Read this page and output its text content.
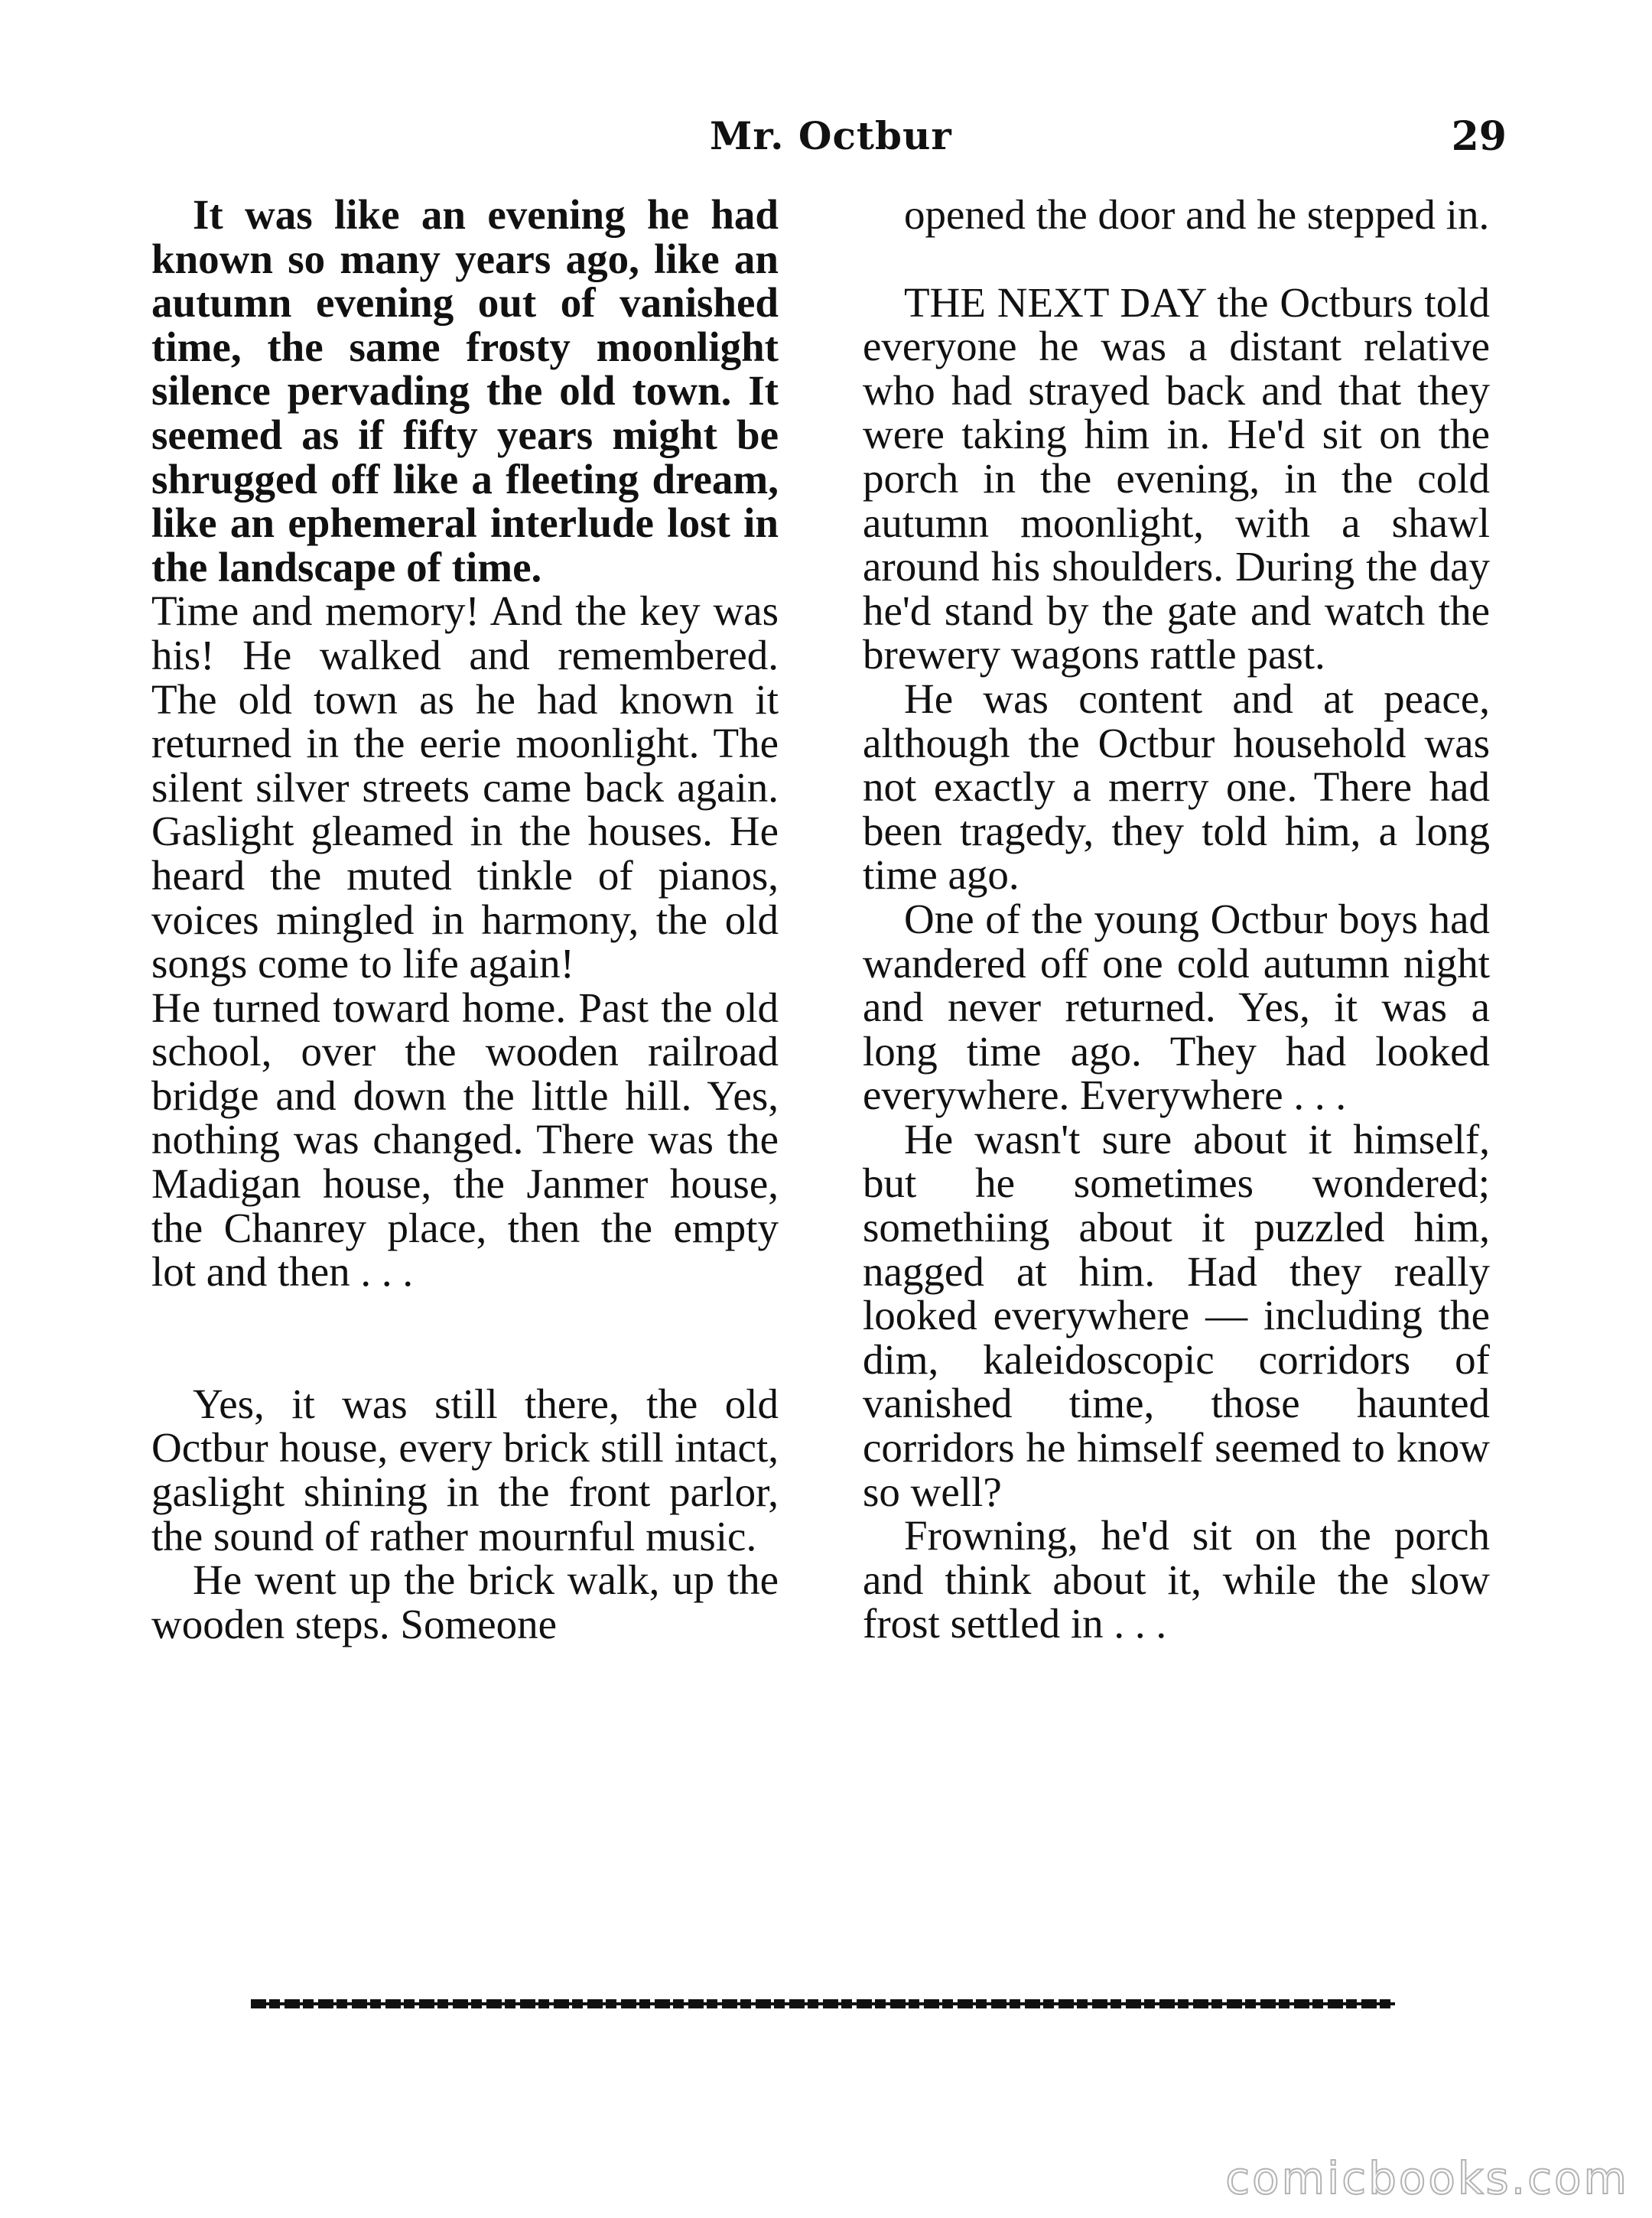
Mr. Octbur	29

It was like an evening he had known so many years ago, like an autumn evening out of vanished time, the same frosty moonlight silence pervading the old town. It seemed as if fifty years might be shrugged off like a fleeting dream, like an ephemeral interlude lost in the landscape of time.

Time and memory! And the key was his! He walked and remembered. The old town as he had known it returned in the eerie moonlight. The silent silver streets came back again. Gaslight gleamed in the houses. He heard the muted tinkle of pianos, voices mingled in harmony, the old songs come to life again!

He turned toward home. Past the old school, over the wooden railroad bridge and down the little hill. Yes, nothing was changed. There was the Madigan house, the Janmer house, the Chanrey place, then the empty lot and then . . .

Yes, it was still there, the old Octbur house, every brick still intact, gaslight shining in the front parlor, the sound of rather mournful music.

He went up the brick walk, up the wooden steps. Someone

opened the door and he stepped in.

THE NEXT DAY the Octburs told everyone he was a distant relative who had strayed back and that they were taking him in. He'd sit on the porch in the evening, in the cold autumn moonlight, with a shawl around his shoulders. During the day he'd stand by the gate and watch the brewery wagons rattle past.

He was content and at peace, although the Octbur household was not exactly a merry one. There had been tragedy, they told him, a long time ago.

One of the young Octbur boys had wandered off one cold autumn night and never returned. Yes, it was a long time ago. They had looked everywhere. Everywhere . . .

He wasn't sure about it himself, but he sometimes wondered; somethiing about it puzzled him, nagged at him. Had they really looked everywhere — including the dim, kaleidoscopic corridors of vanished time, those haunted corridors he himself seemed to know so well?

Frowning, he'd sit on the porch and think about it, while the slow frost settled in . . .

comicbooks.com
